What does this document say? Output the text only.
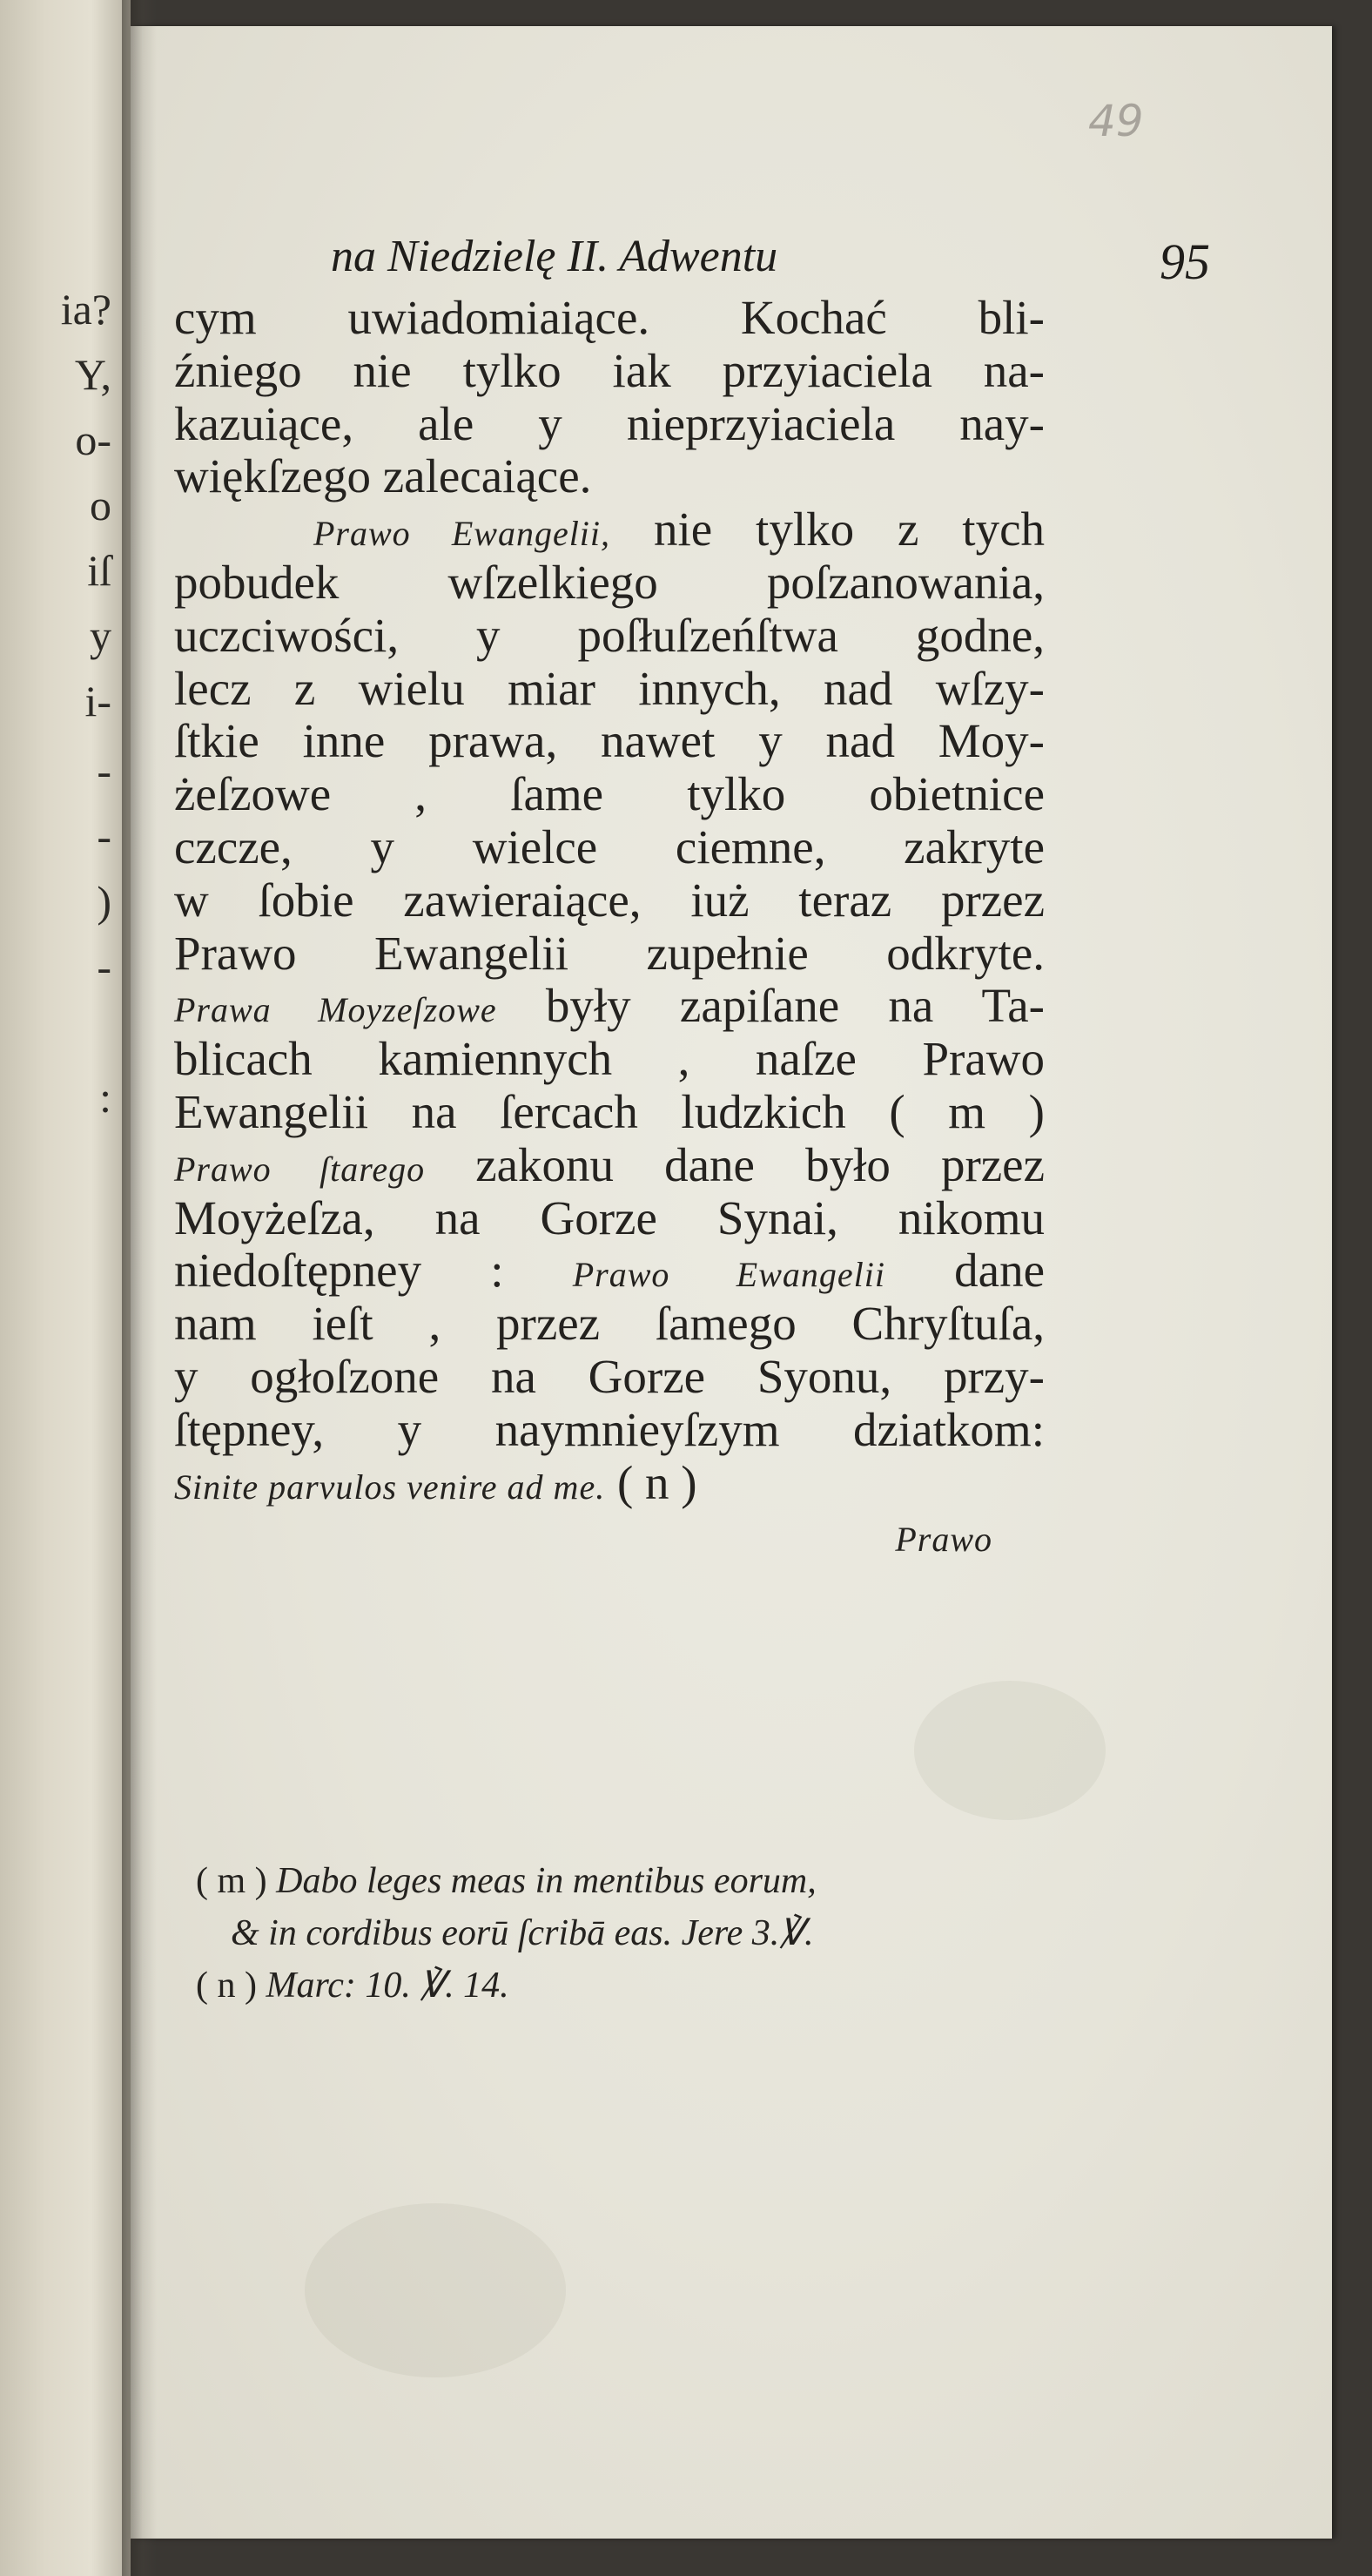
ia?
Y,
o-
o
iſ
y
i-
-
-
)
-
:
49
na Niedzielę II. Adwentu	95
cym uwiadomiaiące. Kochać bli-
źniego nie tylko iak przyiaciela na-
kazuiące, ale y nieprzyiaciela nay-
więkſzego zalecaiące.
Prawo Ewangelii, nie tylko z tych
pobudek wſzelkiego poſzanowania,
uczciwości, y poſłuſzeńſtwa godne,
lecz z wielu miar innych, nad wſzy-
ſtkie inne prawa, nawet y nad Moy-
żeſzowe , ſame tylko obietnice
czcze, y wielce ciemne, zakryte
w ſobie zawieraiące, iuż teraz przez
Prawo Ewangelii zupełnie odkryte.
Prawa Moyzeſzowe były zapiſane na Ta-
blicach kamiennych , naſze Prawo
Ewangelii na ſercach ludzkich ( m )
Prawo ſtarego zakonu dane było przez
Moyżeſza, na Gorze Synai, nikomu
niedoſtępney : Prawo Ewangelii dane
nam ieſt , przez ſamego Chryſtuſa,
y ogłoſzone na Gorze Syonu, przy-
ſtępney, y naymnieyſzym dziatkom:
Sinite parvulos venire ad me. ( n )
Prawo
( m ) Dabo leges meas in mentibus eorum,
& in cordibus eorū ſcribā eas. Jere 3.℣.
( n ) Marc: 10. ℣. 14.
